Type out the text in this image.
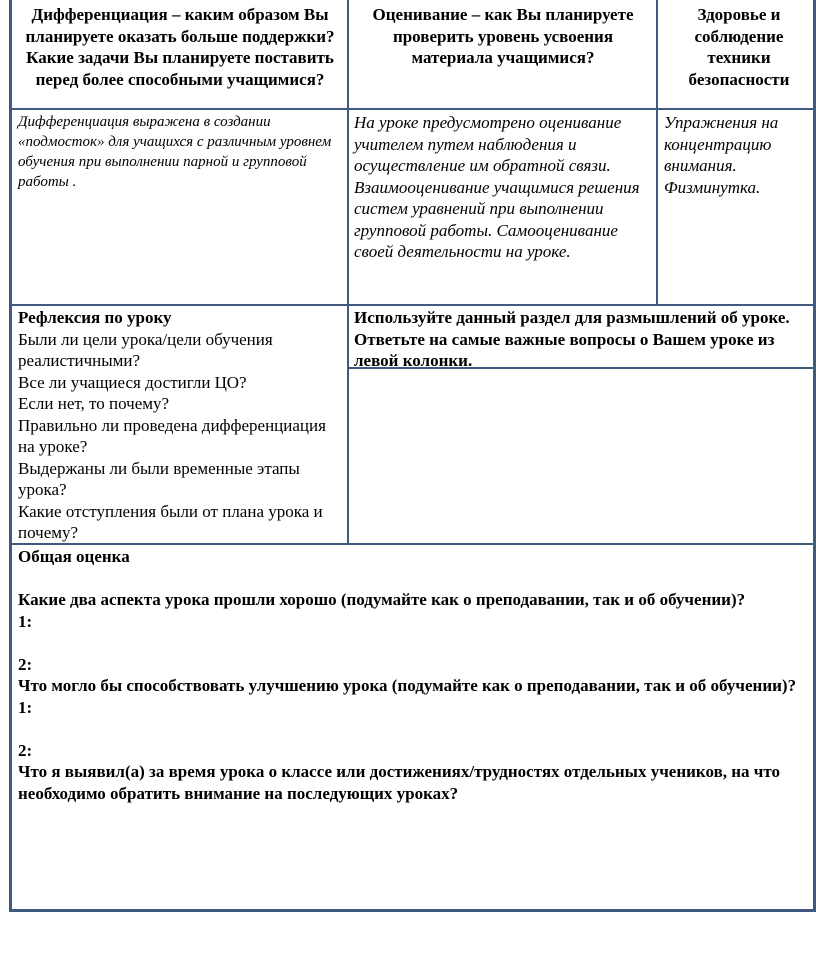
Дифференциация – каким образом Вы планируете оказать больше поддержки? Какие задачи Вы планируете поставить перед более способными учащимися?
Оценивание – как Вы планируете проверить уровень усвоения материала учащимися?
Здоровье и соблюдение техники безопасности
Дифференциация выражена в создании «подмосток» для учащихся с различным уровнем обучения при выполнении парной и групповой работы .
На уроке предусмотрено оценивание учителем путем наблюдения и осуществление им обратной связи. Взаимооценивание учащимися решения систем уравнений при выполнении групповой работы. Самооценивание своей деятельности на уроке.
Упражнения на концентрацию внимания. Физминутка.

Рефлексия по уроку

Были ли цели урока/цели обучения реалистичными?

Все ли учащиеся достигли ЦО?

Если нет, то почему?

Правильно ли проведена дифференциация на уроке?

Выдержаны ли были временные этапы урока?

Какие отступления были от плана урока и почему?

Используйте данный раздел для размышлений об уроке. Ответьте на самые важные вопросы о Вашем уроке из левой колонки.

Общая оценка

Какие два аспекта урока прошли хорошо (подумайте как о преподавании, так и об обучении)?

1:

2:

Что могло бы способствовать улучшению урока (подумайте как о преподавании, так и об обучении)?

1:

2:

Что я выявил(а) за время урока о классе или достижениях/трудностях отдельных учеников, на что необходимо обратить внимание на последующих уроках?
